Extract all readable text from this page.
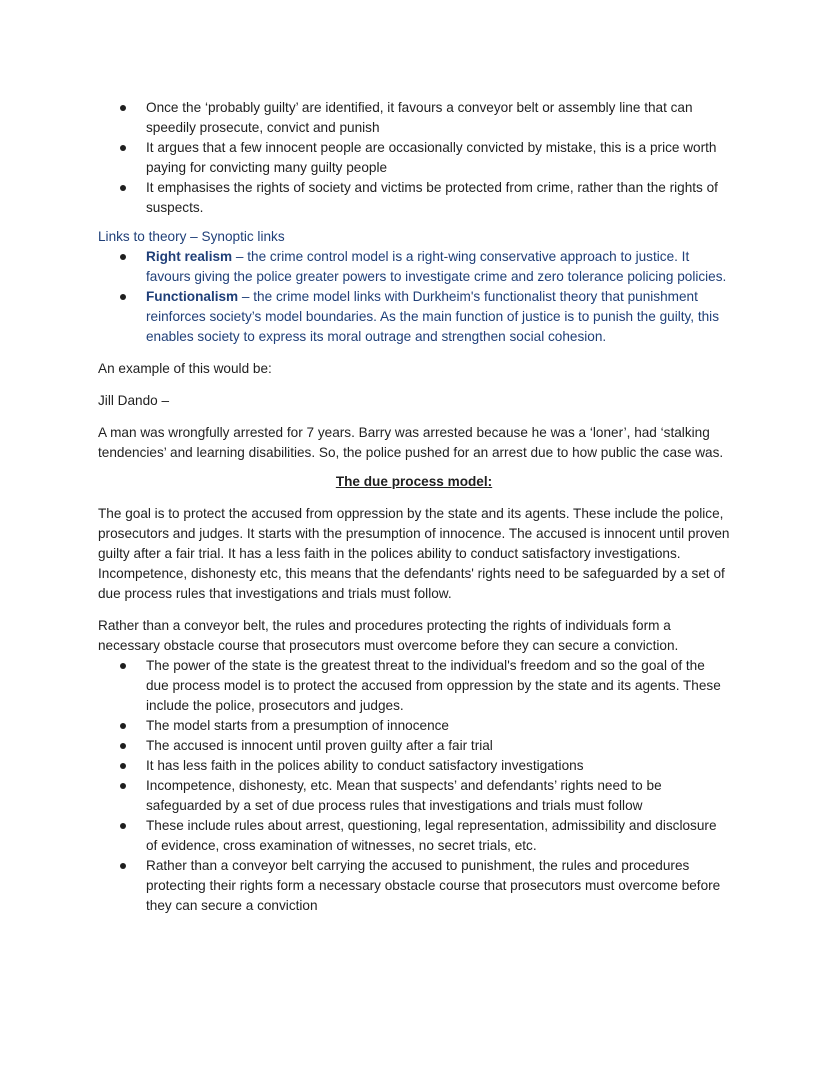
Once the ‘probably guilty’ are identified, it favours a conveyor belt or assembly line that can speedily prosecute, convict and punish
It argues that a few innocent people are occasionally convicted by mistake, this is a price worth paying for convicting many guilty people
It emphasises the rights of society and victims be protected from crime, rather than the rights of suspects.

Links to theory – Synoptic links

Right realism – the crime control model is a right-wing conservative approach to justice. It favours giving the police greater powers to investigate crime and zero tolerance policing policies.
Functionalism – the crime model links with Durkheim's functionalist theory that punishment reinforces society’s model boundaries. As the main function of justice is to punish the guilty, this enables society to express its moral outrage and strengthen social cohesion.

An example of this would be:

Jill Dando –

A man was wrongfully arrested for 7 years. Barry was arrested because he was a ‘loner’, had ‘stalking tendencies’ and learning disabilities. So, the police pushed for an arrest due to how public the case was.

The due process model:

The goal is to protect the accused from oppression by the state and its agents. These include the police, prosecutors and judges. It starts with the presumption of innocence. The accused is innocent until proven guilty after a fair trial. It has a less faith in the polices ability to conduct satisfactory investigations. Incompetence, dishonesty etc, this means that the defendants' rights need to be safeguarded by a set of due process rules that investigations and trials must follow.

Rather than a conveyor belt, the rules and procedures protecting the rights of individuals form a necessary obstacle course that prosecutors must overcome before they can secure a conviction.

The power of the state is the greatest threat to the individual's freedom and so the goal of the due process model is to protect the accused from oppression by the state and its agents. These include the police, prosecutors and judges.
The model starts from a presumption of innocence
The accused is innocent until proven guilty after a fair trial
It has less faith in the polices ability to conduct satisfactory investigations
Incompetence, dishonesty, etc. Mean that suspects’ and defendants’ rights need to be safeguarded by a set of due process rules that investigations and trials must follow
These include rules about arrest, questioning, legal representation, admissibility and disclosure of evidence, cross examination of witnesses, no secret trials, etc.
Rather than a conveyor belt carrying the accused to punishment, the rules and procedures protecting their rights form a necessary obstacle course that prosecutors must overcome before they can secure a conviction
